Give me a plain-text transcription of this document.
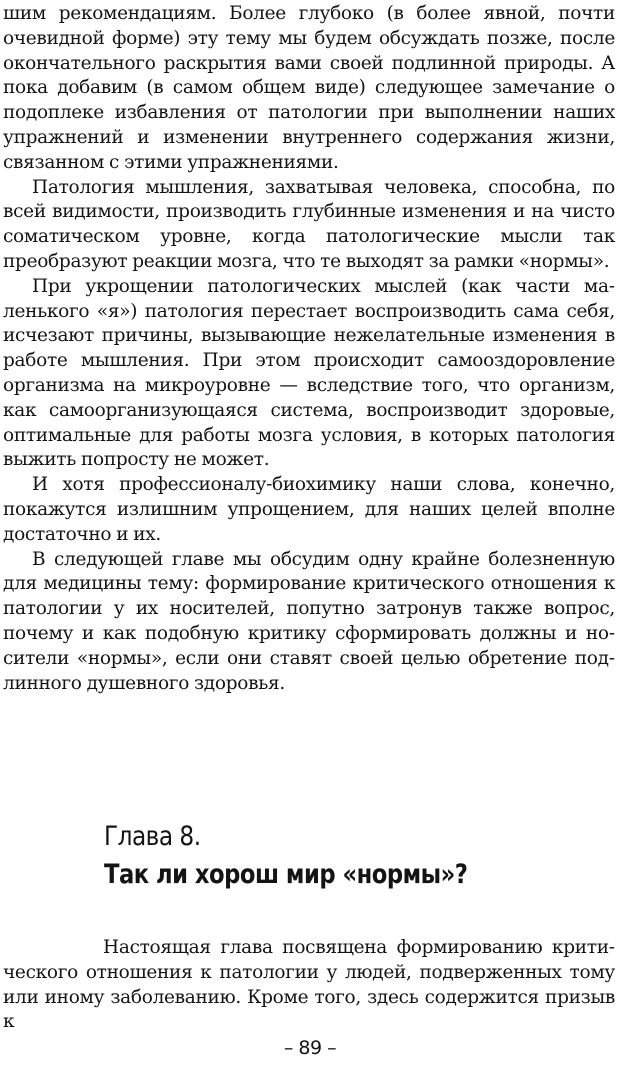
шим рекомендациям. Более глубоко (в более явной, почти очевидной форме) эту тему мы будем обсуждать позже, после окончательного раскрытия вами своей подлинной природы. А пока добавим (в самом общем виде) следующее замечание о подоплеке избавления от патологии при выполнении наших упражнений и изменении внутреннего содержания жизни, связанном с этими упражнениями.

Патология мышления, захватывая человека, способна, по всей видимости, производить глубинные изменения и на чисто соматическом уровне, когда патологические мысли так преобразуют реакции мозга, что те выходят за рамки «нормы».

При укрощении патологических мыслей (как части маленького «я») патология перестает воспроизводить сама себя, исчезают причины, вызывающие нежелательные изменения в работе мышления. При этом происходит самооздоровление организма на микроуровне — вследствие того, что организм, как самоорганизующаяся система, воспроизводит здоровые, оптимальные для работы мозга условия, в которых патология выжить попросту не может.

И хотя профессионалу-биохимику наши слова, конечно, покажутся излишним упрощением, для наших целей вполне достаточно и их.

В следующей главе мы обсудим одну крайне болезненную для медицины тему: формирование критического отношения к патологии у их носителей, попутно затронув также вопрос, почему и как подобную критику сформировать должны и носители «нормы», если они ставят своей целью обретение подлинного душевного здоровья.

Глава 8.
Так ли хорош мир «нормы»?

Настоящая глава посвящена формированию критического отношения к патологии у людей, подверженных тому или иному заболеванию. Кроме того, здесь содержится призыв к

– 89 –
